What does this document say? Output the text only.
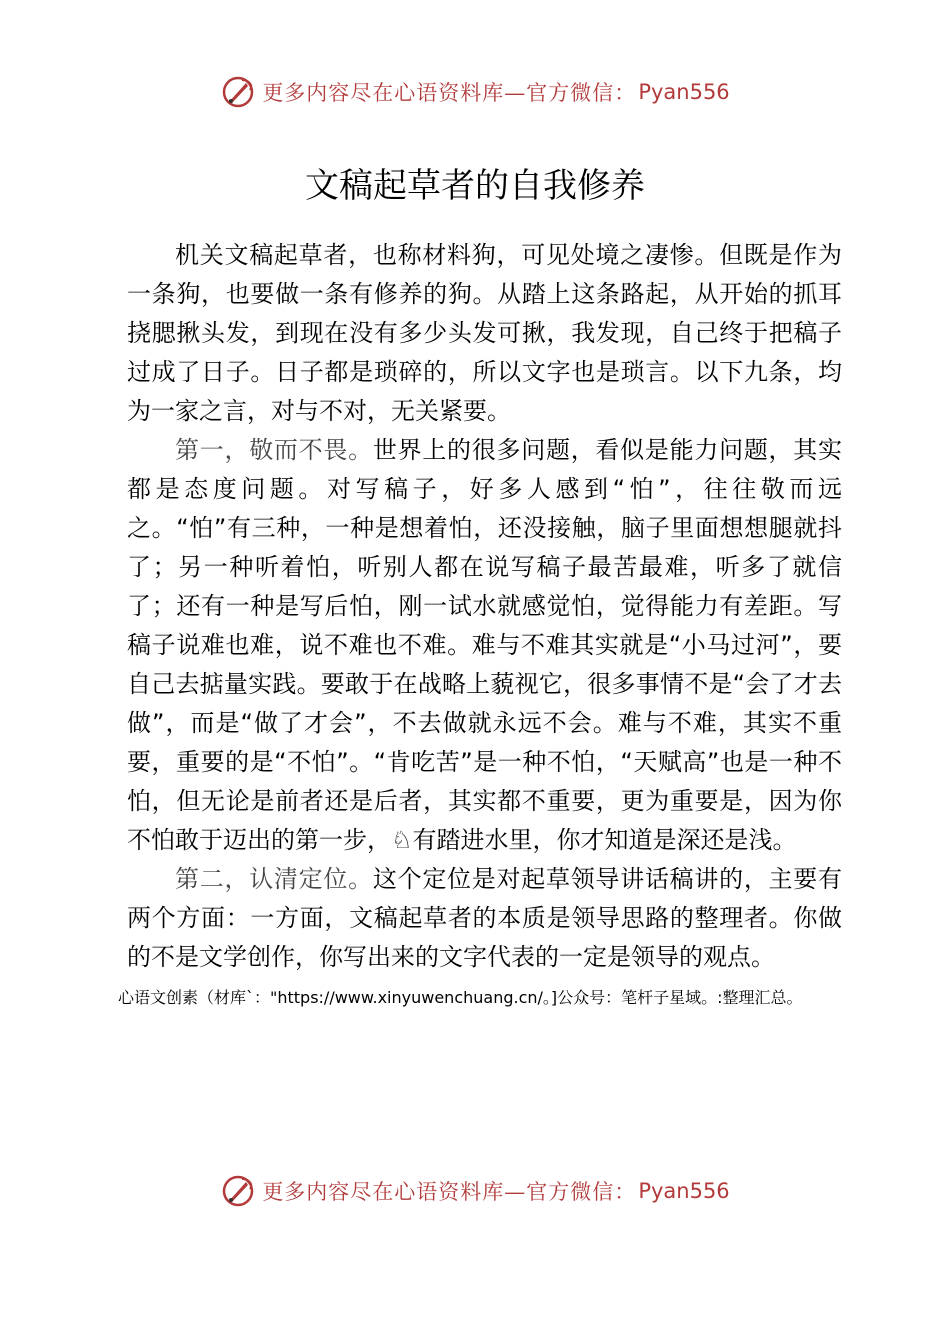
更多内容尽在心语资料库—官方微信： Pyan556
文稿起草者的自我修养

机关文稿起草者，也称材料狗，可见处境之凄惨。但既是作为一条狗，也要做一条有修养的狗。从踏上这条路起，从开始的抓耳挠腮揪头发，到现在没有多少头发可揪，我发现，自己终于把稿子过成了日子。日子都是琐碎的，所以文字也是琐言。以下九条，均为一家之言，对与不对，无关紧要。

第一，敬而不畏。世界上的很多问题，看似是能力问题，其实都是态度问题。对写稿子，好多人感到“怕”，往往敬而远之。“怕”有三种，一种是想着怕，还没接触，脑子里面想想腿就抖了；另一种听着怕，听别人都在说写稿子最苦最难，听多了就信了；还有一种是写后怕，刚一试水就感觉怕，觉得能力有差距。写稿子说难也难，说不难也不难。难与不难其实就是“小马过河”，要自己去掂量实践。要敢于在战略上藐视它，很多事情不是“会了才去做”，而是“做了才会”，不去做就永远不会。难与不难，其实不重要，重要的是“不怕”。“肯吃苦”是一种不怕，“天赋高”也是一种不怕，但无论是前者还是后者，其实都不重要，更为重要是，因为你不怕敢于迈出的第一步，♘有踏进水里，你才知道是深还是浅。

第二，认清定位。这个定位是对起草领导讲话稿讲的，主要有两个方面：一方面，文稿起草者的本质是领导思路的整理者。你做的不是文学创作，你写出来的文字代表的一定是领导的观点。

心语文创素（材库`："https://www.xinyuwenchuang.cn/。]公众号：笔杆子星域。:整理汇总。
更多内容尽在心语资料库—官方微信： Pyan556
